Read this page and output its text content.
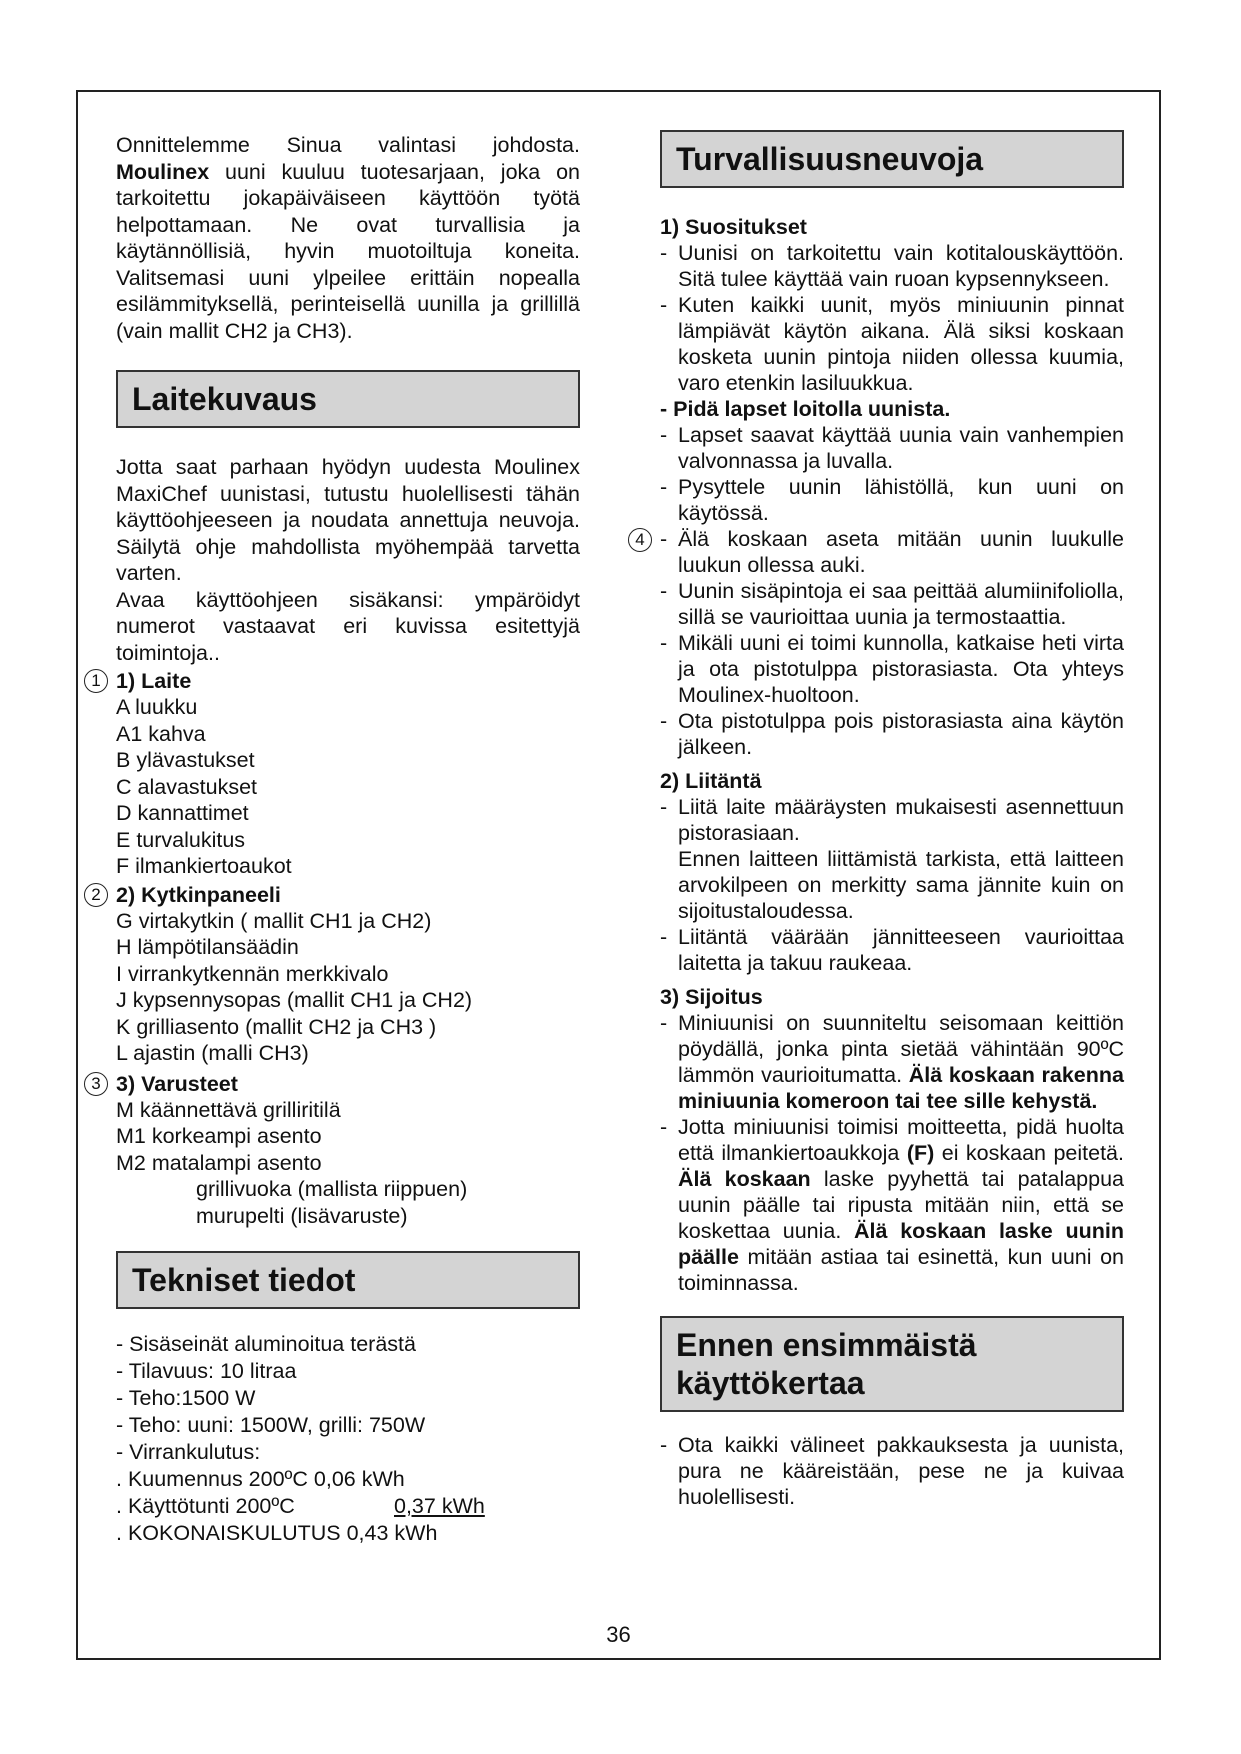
Onnittelemme Sinua valintasi johdosta. Moulinex uuni kuuluu tuotesarjaan, joka on tarkoitettu jokapäiväiseen käyttöön työtä helpottamaan. Ne ovat turvallisia ja käytännöllisiä, hyvin muotoiltuja koneita. Valitsemasi uuni ylpeilee erittäin nopealla esilämmityksellä, perinteisellä uunilla ja grillillä (vain mallit CH2 ja CH3).

Laitekuvaus

Jotta saat parhaan hyödyn uudesta Moulinex MaxiChef uunistasi, tutustu huolellisesti tähän käyttöohjeeseen ja noudata annettuja neuvoja. Säilytä ohje mahdollista myöhempää tarvetta varten.

Avaa käyttöohjeen sisäkansi: ympäröidyt numerot vastaavat eri kuvissa esitettyjä toimintoja..

1 1) Laite
A luukku
A1 kahva
B ylävastukset
C alavastukset
D kannattimet
E turvalukitus
F ilmankiertoaukot
2 2) Kytkinpaneeli
G virtakytkin ( mallit CH1 ja CH2)
H lämpötilansäädin
I virrankytkennän merkkivalo
J kypsennysopas (mallit CH1 ja CH2)
K grilliasento (mallit CH2 ja CH3 )
L ajastin (malli CH3)
3 3) Varusteet
M käännettävä grilliritilä
M1 korkeampi asento
M2 matalampi asento
grillivuoka (mallista riippuen)
murupelti (lisävaruste)
Tekniset tiedot
- Sisäseinät aluminoitua terästä
- Tilavuus: 10 litraa
- Teho:1500 W
- Teho: uuni: 1500W, grilli: 750W
- Virrankulutus:
. Kuumennus 200ºC 0,06 kWh
. Käyttötunti 200ºC	0,37 kWh
. KOKONAISKULUTUS 0,43 kWh
Turvallisuusneuvoja
1) Suositukset
- Uunisi on tarkoitettu vain kotitalouskäyttöön. Sitä tulee käyttää vain ruoan kypsennykseen.
- Kuten kaikki uunit, myös miniuunin pinnat lämpiävät käytön aikana. Älä siksi koskaan kosketa uunin pintoja niiden ollessa kuumia, varo etenkin lasiluukkua.
- Pidä lapset loitolla uunista.
- Lapset saavat käyttää uunia vain vanhempien valvonnassa ja luvalla.
- Pysyttele uunin lähistöllä, kun uuni on käytössä.
4 - Älä koskaan aseta mitään uunin luukulle luukun ollessa auki.
- Uunin sisäpintoja ei saa peittää alumiinifoliolla, sillä se vaurioittaa uunia ja termostaattia.
- Mikäli uuni ei toimi kunnolla, katkaise heti virta ja ota pistotulppa pistorasiasta. Ota yhteys Moulinex-huoltoon.
- Ota pistotulppa pois pistorasiasta aina käytön jälkeen.
2) Liitäntä
- Liitä laite määräysten mukaisesti asennettuun pistorasiaan.
Ennen laitteen liittämistä tarkista, että laitteen arvokilpeen on merkitty sama jännite kuin on sijoitustaloudessa.
- Liitäntä väärään jännitteeseen vaurioittaa laitetta ja takuu raukeaa.
3) Sijoitus
- Miniuunisi on suunniteltu seisomaan keittiön pöydällä, jonka pinta sietää vähintään 90ºC lämmön vaurioitumatta. Älä koskaan rakenna miniuunia komeroon tai tee sille kehystä.
- Jotta miniuunisi toimisi moitteetta, pidä huolta että ilmankiertoaukkoja (F) ei koskaan peitetä. Älä koskaan laske pyyhettä tai patalappua uunin päälle tai ripusta mitään niin, että se koskettaa uunia. Älä koskaan laske uunin päälle mitään astiaa tai esinettä, kun uuni on toiminnassa.
Ennen ensimmäistä käyttökertaa
- Ota kaikki välineet pakkauksesta ja uunista, pura ne kääreistään, pese ne ja kuivaa huolellisesti.
36
